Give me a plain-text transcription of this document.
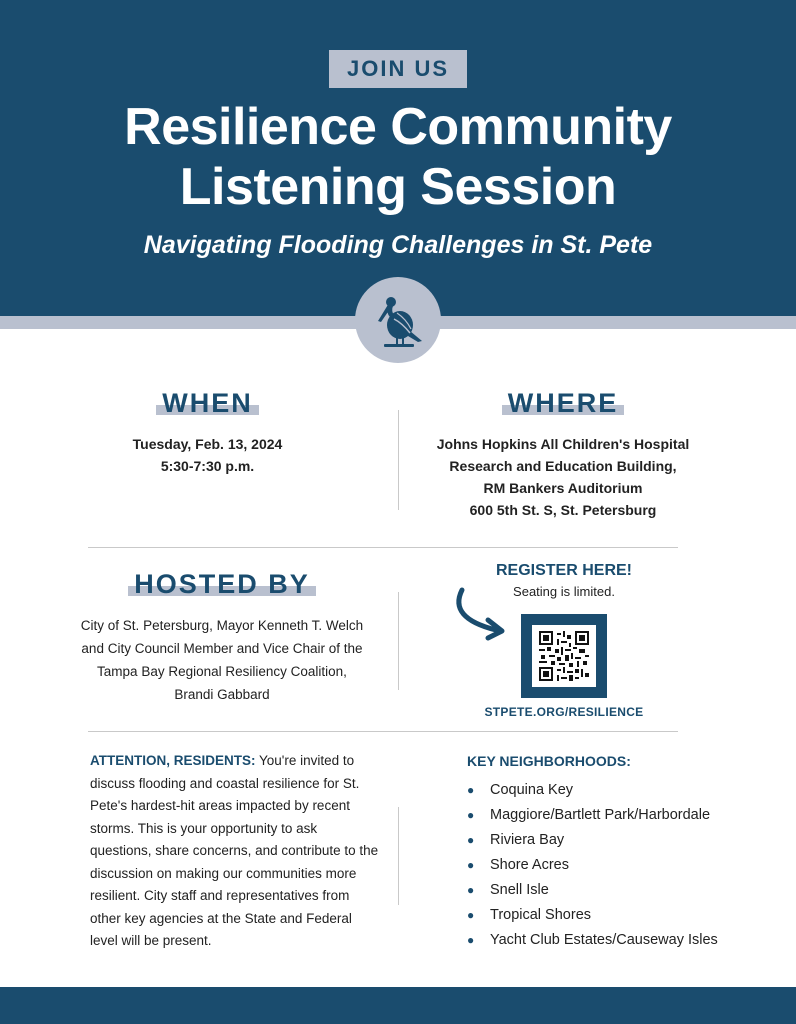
JOIN US
Resilience Community
Listening Session
Navigating Flooding Challenges in St. Pete
WHEN
Tuesday, Feb. 13, 2024
5:30-7:30 p.m.
WHERE
Johns Hopkins All Children's Hospital
Research and Education Building,
RM Bankers Auditorium
600 5th St. S, St. Petersburg
HOSTED BY
City of St. Petersburg, Mayor Kenneth T. Welch
and City Council Member and Vice Chair of the
Tampa Bay Regional Resiliency Coalition,
Brandi Gabbard
REGISTER HERE!
Seating is limited.
STPETE.ORG/RESILIENCE
ATTENTION, RESIDENTS: You're invited to discuss flooding and coastal resilience for St. Pete's hardest-hit areas impacted by recent storms. This is your opportunity to ask questions, share concerns, and contribute to the discussion on making our communities more resilient. City staff and representatives from other key agencies at the State and Federal level will be present.
KEY NEIGHBORHOODS:
●	Coquina Key
●	Maggiore/Bartlett Park/Harbordale
●	Riviera Bay
●	Shore Acres
●	Snell Isle
●	Tropical Shores
●	Yacht Club Estates/Causeway Isles
